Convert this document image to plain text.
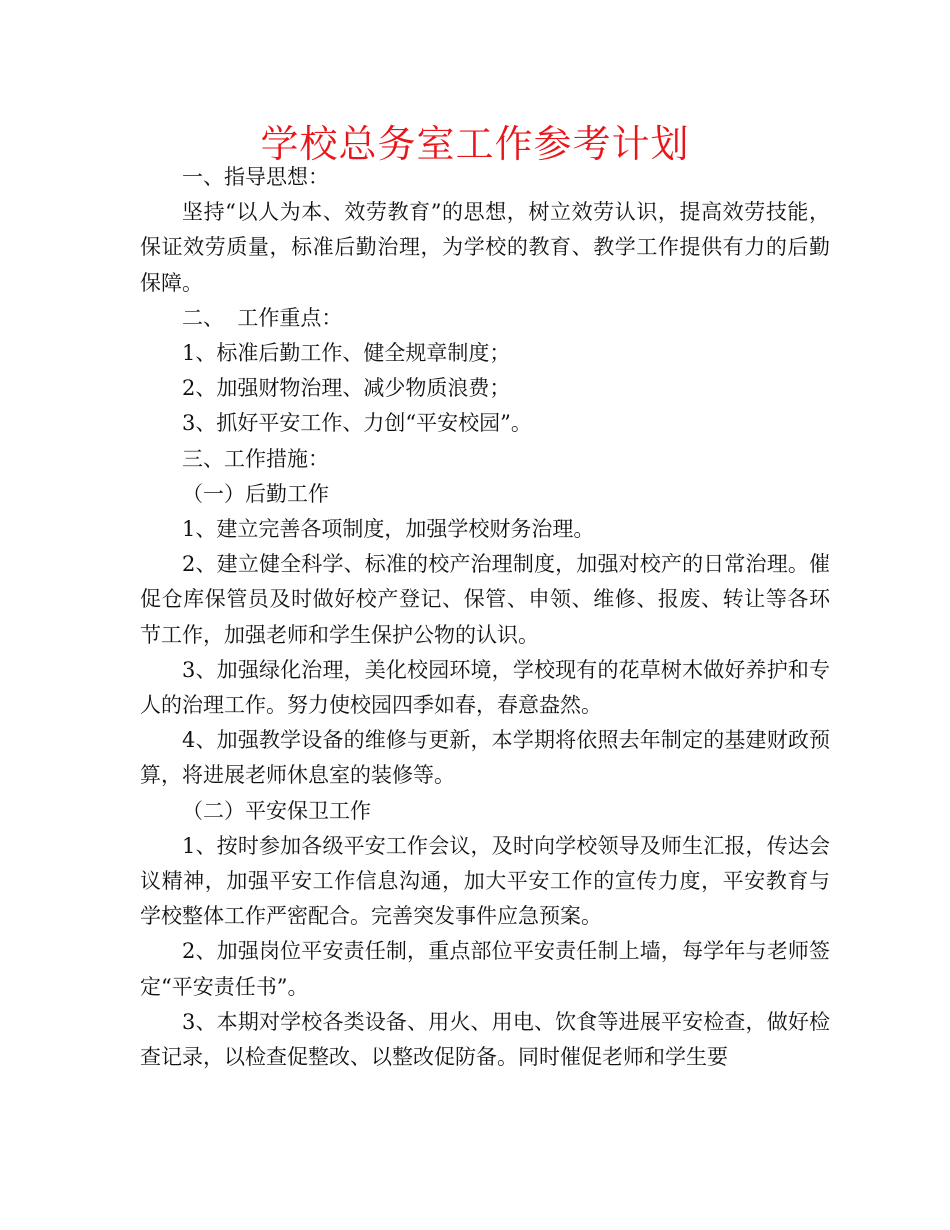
学校总务室工作参考计划

一、指导思想：

坚持“以人为本、效劳教育”的思想，树立效劳认识，提高效劳技能，保证效劳质量，标准后勤治理，为学校的教育、教学工作提供有力的后勤保障。

二、  工作重点：

1、标准后勤工作、健全规章制度；

2、加强财物治理、减少物质浪费；

3、抓好平安工作、力创“平安校园”。

三、工作措施：

（一）后勤工作

1、建立完善各项制度，加强学校财务治理。

2、建立健全科学、标准的校产治理制度，加强对校产的日常治理。催促仓库保管员及时做好校产登记、保管、申领、维修、报废、转让等各环节工作，加强老师和学生保护公物的认识。

3、加强绿化治理，美化校园环境，学校现有的花草树木做好养护和专人的治理工作。努力使校园四季如春，春意盎然。

4、加强教学设备的维修与更新，本学期将依照去年制定的基建财政预算，将进展老师休息室的装修等。

（二）平安保卫工作

1、按时参加各级平安工作会议，及时向学校领导及师生汇报，传达会议精神，加强平安工作信息沟通，加大平安工作的宣传力度，平安教育与学校整体工作严密配合。完善突发事件应急预案。

2、加强岗位平安责任制，重点部位平安责任制上墙，每学年与老师签定“平安责任书”。

3、本期对学校各类设备、用火、用电、饮食等进展平安检查，做好检查记录，以检查促整改、以整改促防备。同时催促老师和学生要
